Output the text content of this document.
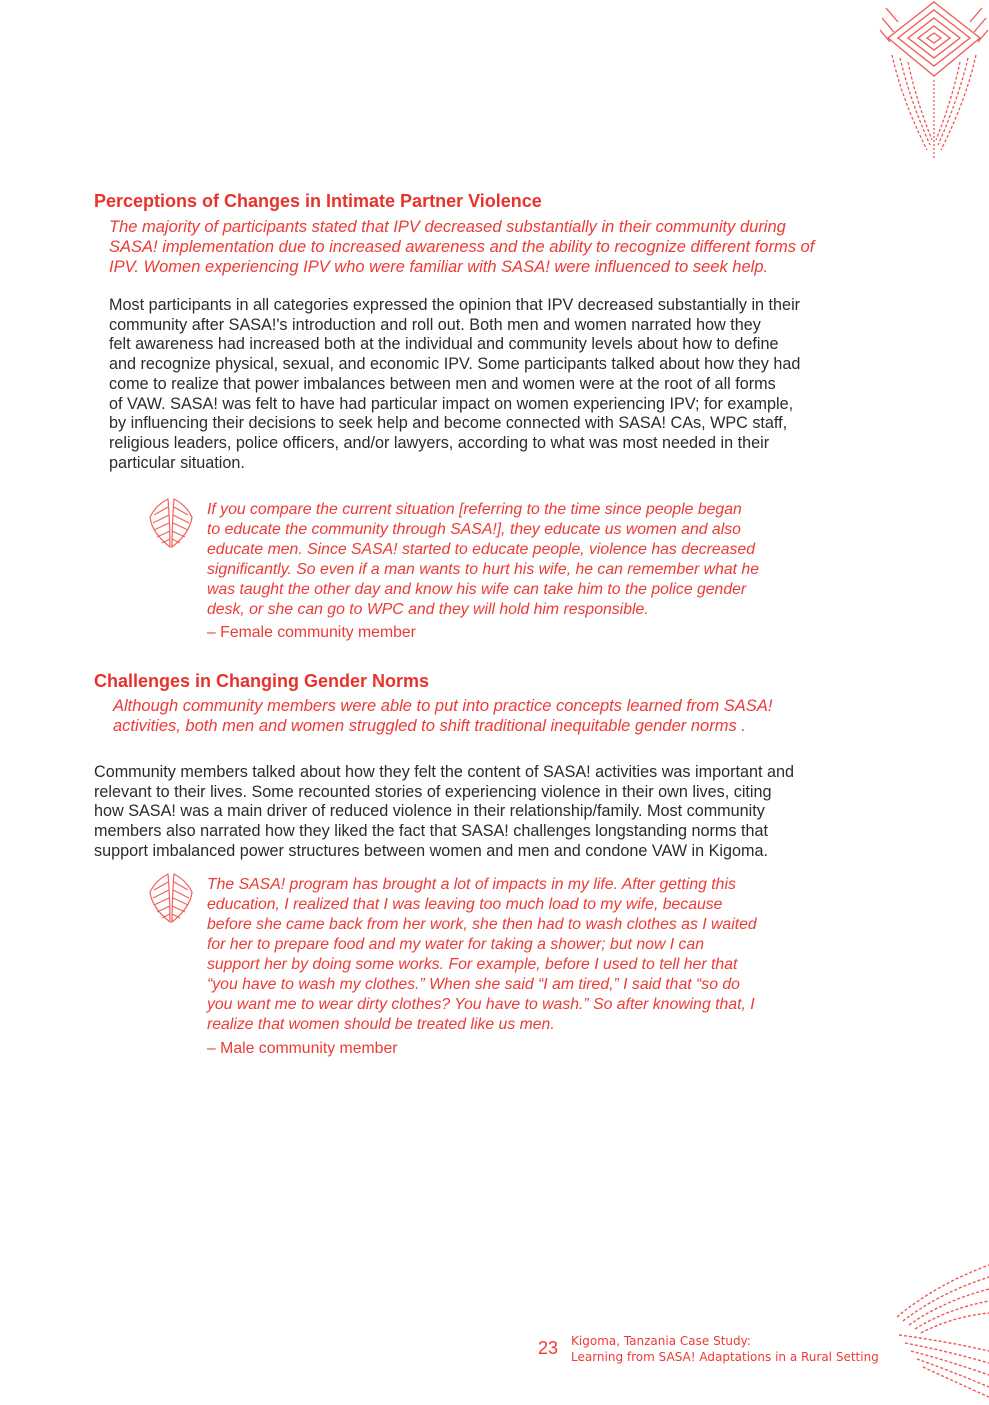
Perceptions of Changes in Intimate Partner Violence
The majority of participants stated that IPV decreased substantially in their community during
SASA! implementation due to increased awareness and the ability to recognize different forms of
IPV. Women experiencing IPV who were familiar with SASA! were influenced to seek help.
Most participants in all categories expressed the opinion that IPV decreased substantially in their
community after SASA!'s introduction and roll out. Both men and women narrated how they
felt awareness had increased both at the individual and community levels about how to define
and recognize physical, sexual, and economic IPV. Some participants talked about how they had
come to realize that power imbalances between men and women were at the root of all forms
of VAW. SASA! was felt to have had particular impact on women experiencing IPV; for example,
by influencing their decisions to seek help and become connected with SASA! CAs, WPC staff,
religious leaders, police officers, and/or lawyers, according to what was most needed in their
particular situation.
If you compare the current situation [referring to the time since people began
to educate the community through SASA!], they educate us women and also
educate men. Since SASA! started to educate people, violence has decreased
significantly. So even if a man wants to hurt his wife, he can remember what he
was taught the other day and know his wife can take him to the police gender
desk, or she can go to WPC and they will hold him responsible.
– Female community member
Challenges in Changing Gender Norms
Although community members were able to put into practice concepts learned from SASA!
activities, both men and women struggled to shift traditional inequitable gender norms .
Community members talked about how they felt the content of SASA! activities was important and
relevant to their lives. Some recounted stories of experiencing violence in their own lives, citing
how SASA! was a main driver of reduced violence in their relationship/family. Most community
members also narrated how they liked the fact that SASA! challenges longstanding norms that
support imbalanced power structures between women and men and condone VAW in Kigoma.
The SASA! program has brought a lot of impacts in my life. After getting this
education, I realized that I was leaving too much load to my wife, because
before she came back from her work, she then had to wash clothes as I waited
for her to prepare food and my water for taking a shower; but now I can
support her by doing some works. For example, before I used to tell her that
“you have to wash my clothes.” When she said “I am tired,” I said that “so do
you want me to wear dirty clothes? You have to wash.” So after knowing that, I
realize that women should be treated like us men.
– Male community member
23 Kigoma, Tanzania Case Study:
Learning from SASA! Adaptations in a Rural Setting
